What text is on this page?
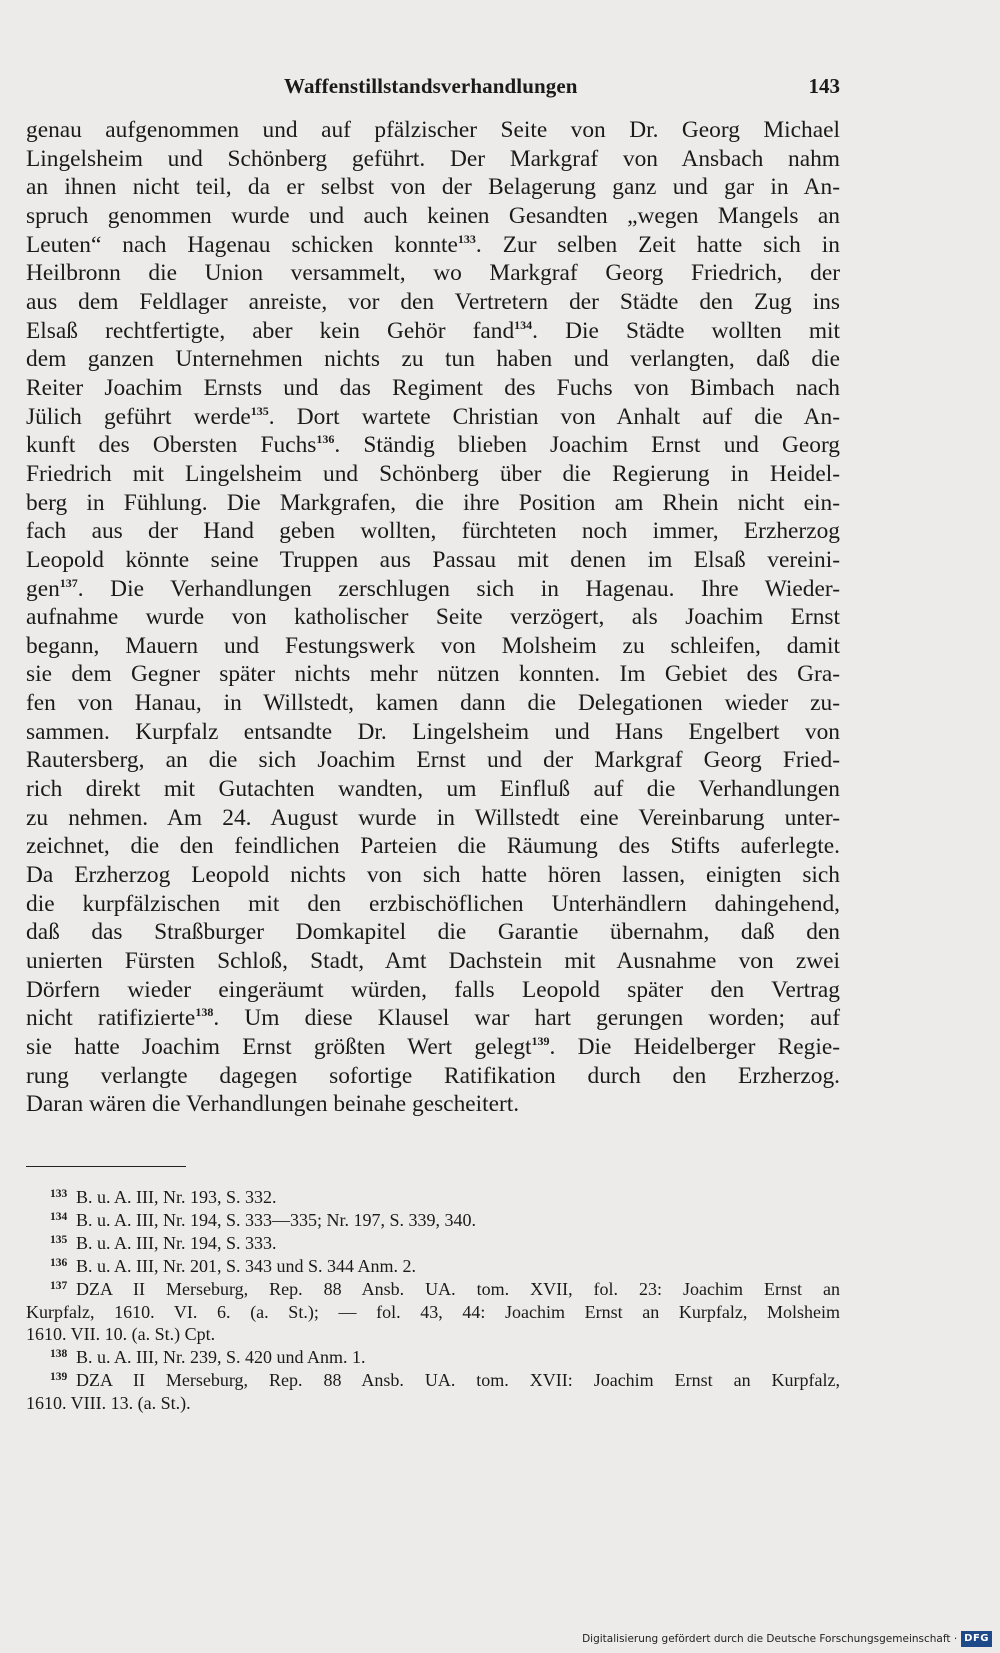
Waffenstillstandsverhandlungen	143
genau aufgenommen und auf pfälzischer Seite von Dr. Georg Michael
Lingelsheim und Schönberg geführt. Der Markgraf von Ansbach nahm
an ihnen nicht teil, da er selbst von der Belagerung ganz und gar in An-
spruch genommen wurde und auch keinen Gesandten „wegen Mangels an
Leuten“ nach Hagenau schicken konnte$^{133}$. Zur selben Zeit hatte sich in
Heilbronn die Union versammelt, wo Markgraf Georg Friedrich, der
aus dem Feldlager anreiste, vor den Vertretern der Städte den Zug ins
Elsaß rechtfertigte, aber kein Gehör fand$^{134}$. Die Städte wollten mit
dem ganzen Unternehmen nichts zu tun haben und verlangten, daß die
Reiter Joachim Ernsts und das Regiment des Fuchs von Bimbach nach
Jülich geführt werde$^{135}$. Dort wartete Christian von Anhalt auf die An-
kunft des Obersten Fuchs$^{136}$. Ständig blieben Joachim Ernst und Georg
Friedrich mit Lingelsheim und Schönberg über die Regierung in Heidel-
berg in Fühlung. Die Markgrafen, die ihre Position am Rhein nicht ein-
fach aus der Hand geben wollten, fürchteten noch immer, Erzherzog
Leopold könnte seine Truppen aus Passau mit denen im Elsaß vereini-
gen$^{137}$. Die Verhandlungen zerschlugen sich in Hagenau. Ihre Wieder-
aufnahme wurde von katholischer Seite verzögert, als Joachim Ernst
begann, Mauern und Festungswerk von Molsheim zu schleifen, damit
sie dem Gegner später nichts mehr nützen konnten. Im Gebiet des Gra-
fen von Hanau, in Willstedt, kamen dann die Delegationen wieder zu-
sammen. Kurpfalz entsandte Dr. Lingelsheim und Hans Engelbert von
Rautersberg, an die sich Joachim Ernst und der Markgraf Georg Fried-
rich direkt mit Gutachten wandten, um Einfluß auf die Verhandlungen
zu nehmen. Am 24. August wurde in Willstedt eine Vereinbarung unter-
zeichnet, die den feindlichen Parteien die Räumung des Stifts auferlegte.
Da Erzherzog Leopold nichts von sich hatte hören lassen, einigten sich
die kurpfälzischen mit den erzbischöflichen Unterhändlern dahingehend,
daß das Straßburger Domkapitel die Garantie übernahm, daß den
unierten Fürsten Schloß, Stadt, Amt Dachstein mit Ausnahme von zwei
Dörfern wieder eingeräumt würden, falls Leopold später den Vertrag
nicht ratifizierte$^{138}$. Um diese Klausel war hart gerungen worden; auf
sie hatte Joachim Ernst größten Wert gelegt$^{139}$. Die Heidelberger Regie-
rung verlangte dagegen sofortige Ratifikation durch den Erzherzog.
Daran wären die Verhandlungen beinahe gescheitert.
133 B. u. A. III, Nr. 193, S. 332.
134 B. u. A. III, Nr. 194, S. 333—335; Nr. 197, S. 339, 340.
135 B. u. A. III, Nr. 194, S. 333.
136 B. u. A. III, Nr. 201, S. 343 und S. 344 Anm. 2.
137 DZA II Merseburg, Rep. 88 Ansb. UA. tom. XVII, fol. 23: Joachim Ernst an
Kurpfalz, 1610. VI. 6. (a. St.); — fol. 43, 44: Joachim Ernst an Kurpfalz, Molsheim
1610. VII. 10. (a. St.) Cpt.
138 B. u. A. III, Nr. 239, S. 420 und Anm. 1.
139 DZA II Merseburg, Rep. 88 Ansb. UA. tom. XVII: Joachim Ernst an Kurpfalz,
1610. VIII. 13. (a. St.).
Digitalisierung gefördert durch die Deutsche Forschungsgemeinschaft · DFG
